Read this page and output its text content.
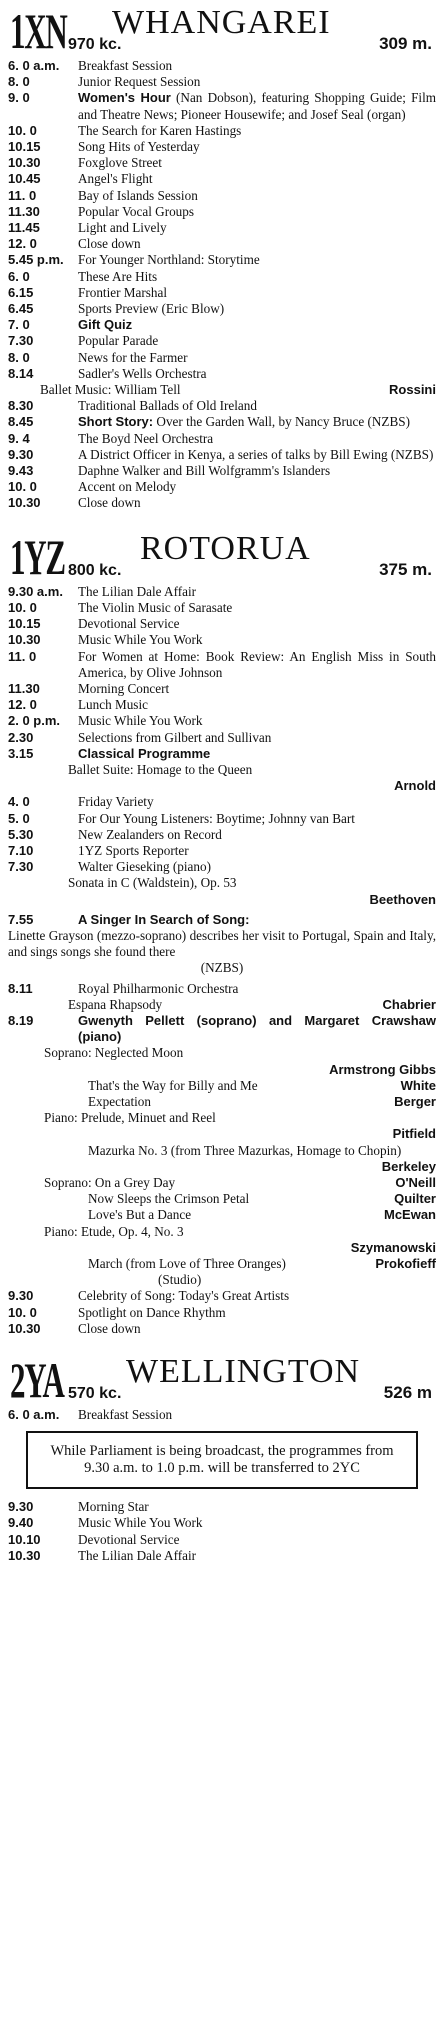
1XN WHANGAREI
970 kc.	309 m.
6. 0 a.m.	Breakfast Session
8. 0	Junior Request Session
9. 0	Women's Hour (Nan Dobson), featuring Shopping Guide; Film and Theatre News; Pioneer Housewife; and Josef Seal (organ)
10. 0	The Search for Karen Hastings
10.15	Song Hits of Yesterday
10.30	Foxglove Street
10.45	Angel's Flight
11. 0	Bay of Islands Session
11.30	Popular Vocal Groups
11.45	Light and Lively
12. 0	Close down
5.45 p.m.	For Younger Northland: Storytime
6. 0	These Are Hits
6.15	Frontier Marshal
6.45	Sports Preview (Eric Blow)
7. 0	Gift Quiz
7.30	Popular Parade
8. 0	News for the Farmer
8.14	Sadler's Wells Orchestra
Ballet Music: William Tell	Rossini
8.30	Traditional Ballads of Old Ireland
8.45	Short Story: Over the Garden Wall, by Nancy Bruce (NZBS)
9. 4	The Boyd Neel Orchestra
9.30	A District Officer in Kenya, a series of talks by Bill Ewing (NZBS)
9.43	Daphne Walker and Bill Wolfgramm's Islanders
10. 0	Accent on Melody
10.30	Close down
1YZ ROTORUA
800 kc.	375 m.
9.30 a.m.	The Lilian Dale Affair
10. 0	The Violin Music of Sarasate
10.15	Devotional Service
10.30	Music While You Work
11. 0	For Women at Home: Book Review: An English Miss in South America, by Olive Johnson
11.30	Morning Concert
12. 0	Lunch Music
2. 0 p.m.	Music While You Work
2.30	Selections from Gilbert and Sullivan
3.15	Classical Programme
Ballet Suite: Homage to the Queen
Arnold
4. 0	Friday Variety
5. 0	For Our Young Listeners: Boytime; Johnny van Bart
5.30	New Zealanders on Record
7.10	1YZ Sports Reporter
7.30	Walter Gieseking (piano)
Sonata in C (Waldstein), Op. 53
Beethoven
7.55	A Singer In Search of Song:
Linette Grayson (mezzo-soprano) describes her visit to Portugal, Spain and Italy, and sings songs she found there
(NZBS)
8.11	Royal Philharmonic Orchestra
Espana Rhapsody	Chabrier
8.19	Gwenyth Pellett (soprano) and Margaret Crawshaw (piano)
Soprano: Neglected Moon
Armstrong Gibbs
That's the Way for Billy and Me	White
Expectation	Berger
Piano: Prelude, Minuet and Reel
Pitfield
Mazurka No. 3 (from Three Mazurkas, Homage to Chopin)
Berkeley
Soprano: On a Grey Day	O'Neill
Now Sleeps the Crimson Petal	Quilter
Love's But a Dance	McEwan
Piano: Etude, Op. 4, No. 3
Szymanowski
March (from Love of Three Oranges)	Prokofieff
(Studio)
9.30	Celebrity of Song: Today's Great Artists
10. 0	Spotlight on Dance Rhythm
10.30	Close down
2YA WELLINGTON
570 kc.	526 m
6. 0 a.m.	Breakfast Session
While Parliament is being broadcast, the programmes from 9.30 a.m. to 1.0 p.m. will be transferred to 2YC
9.30	Morning Star
9.40	Music While You Work
10.10	Devotional Service
10.30	The Lilian Dale Affair
